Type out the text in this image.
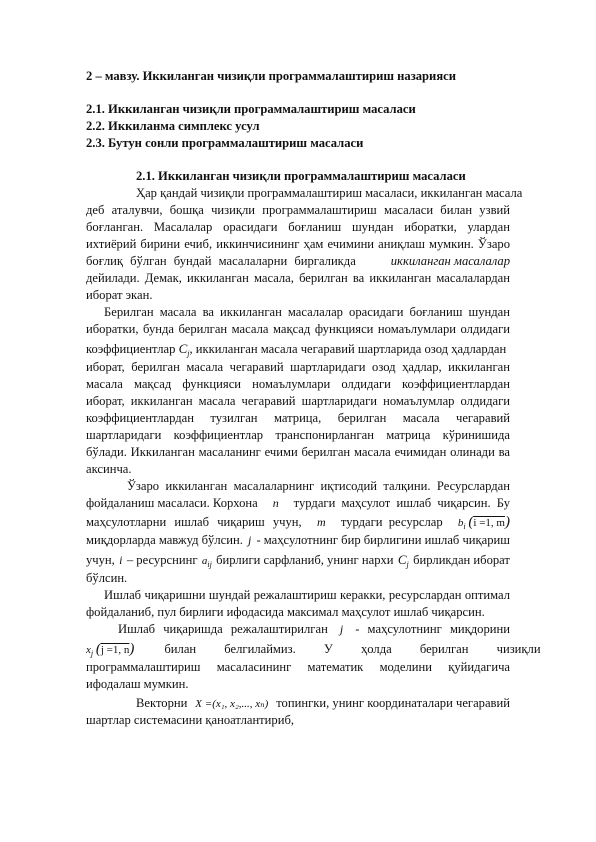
2 – мавзу. Иккиланган чизиқли программалаштириш назарияси
2.1. Иккиланган чизиқли программалаштириш масаласи
2.2. Иккиланма симплекс усул
2.3. Бутун сонли программалаштириш масаласи
2.1. Иккиланган чизиқли программалаштириш масаласи
Ҳар қандай чизиқли программалаштириш масаласи, иккиланган масала
деб аталувчи, бошқа чизиқли программалаштириш масаласи билан узвий
боғланган. Масалалар орасидаги боғланиш шундан иборатки, улардан
ихтиёрий бирини ечиб, иккинчисининг ҳам ечимини аниқлаш мумкин. Ўзаро
боғлиқ бўлган бундай масалаларни биргаликда	иккиланган масалалар
дейилади. Демак, иккиланган масала, берилган ва иккиланган масалалардан
иборат экан.
Берилган масала ва иккиланган масалалар орасидаги боғланиш шундан
иборатки, бунда берилган масала мақсад функцияси номаълумлари олдидаги
коэффициентлар $C_j$, иккиланган масала чегаравий шартларида озод ҳадлардан
иборат, берилган масала чегаравий шартларидаги озод ҳадлар, иккиланган
масала мақсад функцияси номаълумлари олдидаги коэффициентлардан
иборат, иккиланган масала чегаравий шартларидаги номаълумлар олдидаги
коэффициентлардан тузилган матрица, берилган масала чегаравий
шартларидаги коэффициентлар транспонирланган матрица кўринишида
бўлади. Иккиланган масаланинг ечими берилган масала ечимидан олинади ва
аксинча.
Ўзаро иккиланган масалаларнинг иқтисодий талқини. Ресурслардан
фойдаланиш масаласи. Корхона n турдаги маҳсулот ишлаб чиқарсин. Бу
маҳсулотларни ишлаб чиқариш учун, m турдаги ресурслар $b_i$ (i =1, m)
миқдорларда мавжуд бўлсин. j - маҳсулотнинг бир бирлигини ишлаб чиқариш
учун, i – ресурснинг $a_{ij}$ бирлиги сарфланиб, унинг нархи $C_j$ бирликдан иборат
бўлсин.
Ишлаб чиқаришни шундай режалаштириш керакки, ресурслардан оптимал
фойдаланиб, пул бирлиги ифодасида максимал маҳсулот ишлаб чиқарсин.
Ишлаб чиқаришда режалаштирилган j - маҳсулотнинг миқдорини
$x_j$ (j =1, n)	билан белгилаймиз. У ҳолда берилган чизиқли
программалаштириш масаласининг математик моделини қуйидагича
ифодалаш мумкин.
Векторни X =(x₁, x₂,..., xₙ) топингки, унинг координаталари чегаравий
шартлар системасини қаноатлантириб,
